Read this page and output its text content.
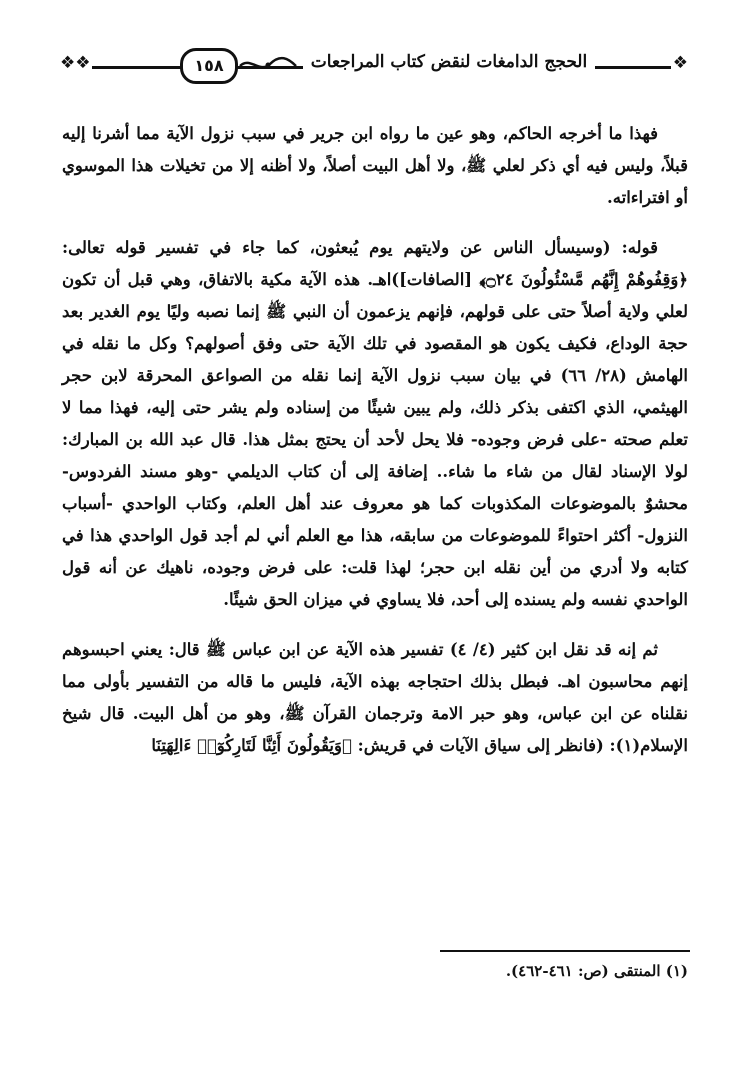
❖
❖❖	الحجج الدامغات لنقض كتاب المراجعات
١٥٨

فهذا ما أخرجه الحاكم، وهو عين ما رواه ابن جرير في سبب نزول الآية مما أشرنا إليه قبلاً، وليس فيه أي ذكر لعلي ﷺ، ولا أهل البيت أصلاً، ولا أظنه إلا من تخيلات هذا الموسوي أو افتراءاته.

قوله: (وسيسأل الناس عن ولايتهم يوم يُبعثون، كما جاء في تفسير قوله تعالى: ﴿وَقِفُوهُمْ إِنَّهُم مَّسْئُولُونَ ۝٢٤﴾ [الصافات])اهـ. هذه الآية مكية بالاتفاق، وهي قبل أن تكون لعلي ولاية أصلاً حتى على قولهم، فإنهم يزعمون أن النبي ﷺ إنما نصبه وليًا يوم الغدير بعد حجة الوداع، فكيف يكون هو المقصود في تلك الآية حتى وفق أصولهم؟ وكل ما نقله في الهامش (٢٨/ ٦٦) في بيان سبب نزول الآية إنما نقله من الصواعق المحرقة لابن حجر الهيثمي، الذي اكتفى بذكر ذلك، ولم يبين شيئًا من إسناده ولم يشر حتى إليه، فهذا مما لا تعلم صحته -على فرض وجوده- فلا يحل لأحد أن يحتج بمثل هذا. قال عبد الله بن المبارك: لولا الإسناد لقال من شاء ما شاء.. إضافة إلى أن كتاب الديلمي -وهو مسند الفردوس- محشوٌ بالموضوعات المكذوبات كما هو معروف عند أهل العلم، وكتاب الواحدي -أسباب النزول- أكثر احتواءً للموضوعات من سابقه، هذا مع العلم أني لم أجد قول الواحدي هذا في كتابه ولا أدري من أين نقله ابن حجر؛ لهذا قلت: على فرض وجوده، ناهيك عن أنه قول الواحدي نفسه ولم يسنده إلى أحد، فلا يساوي في ميزان الحق شيئًا.

ثم إنه قد نقل ابن كثير (٤/ ٤) تفسير هذه الآية عن ابن عباس ﷺ قال: يعني احبسوهم إنهم محاسبون اهـ. فبطل بذلك احتجاجه بهذه الآية، فليس ما قاله من التفسير بأولى مما نقلناه عن ابن عباس، وهو حبر الامة وترجمان القرآن ﷺ، وهو من أهل البيت. قال شيخ الإسلام(١): (فانظر إلى سياق الآيات في قريش: ﴿وَيَقُولُونَ أَئِنَّا لَتَارِكُوٓا۟ ءَالِهَتِنَا

(١) المنتقى (ص: ٤٦١-٤٦٢).
